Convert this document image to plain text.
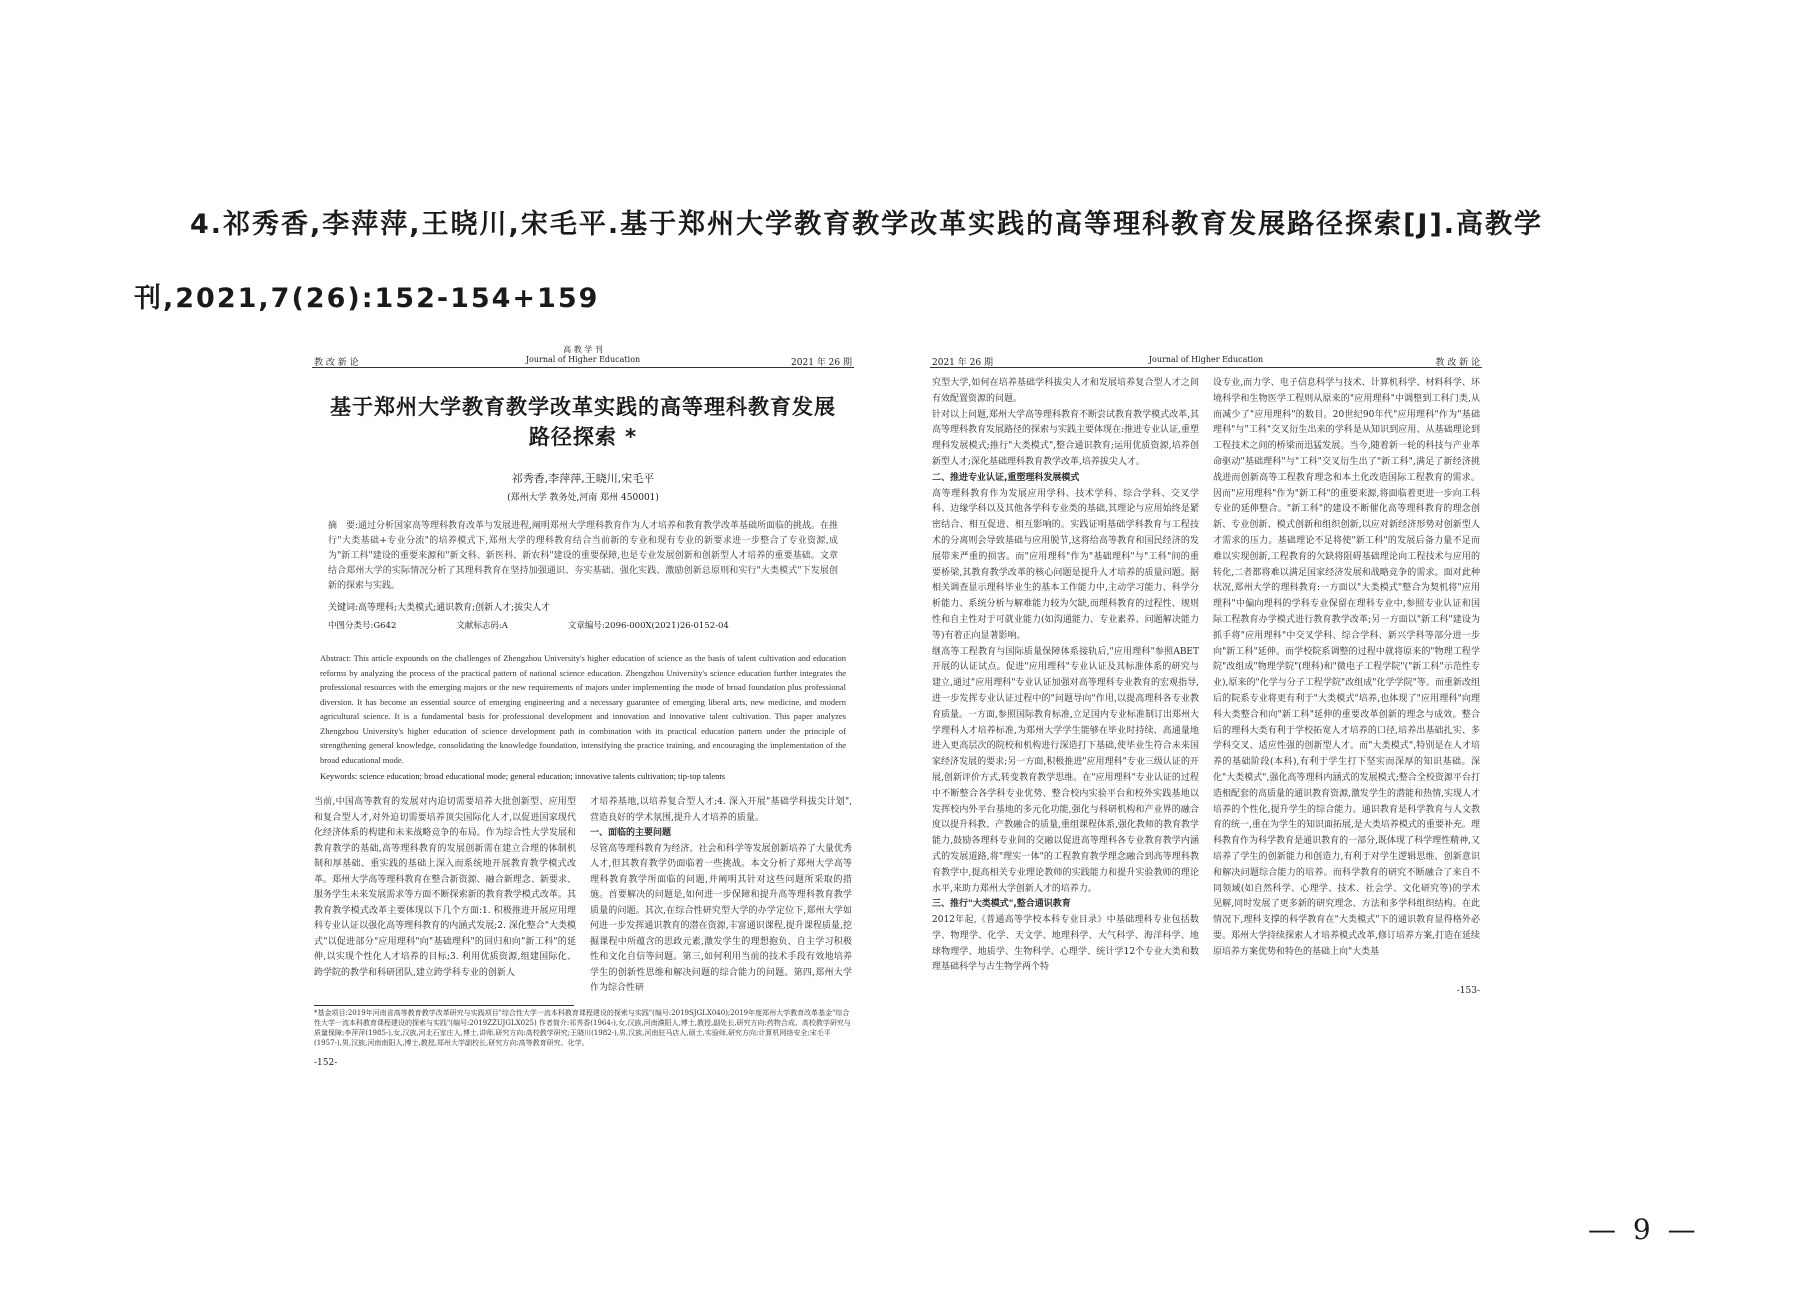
4.祁秀香,李萍萍,王晓川,宋毛平.基于郑州大学教育教学改革实践的高等理科教育发展路径探索[J].高教学
刊,2021,7(26):152-154+159
教 改 新 论
高 教 学 刊
Journal of Higher Education	2021 年 26 期
基于郑州大学教育教学改革实践的高等理科教育发展
路径探索 *
祁秀香,李萍萍,王晓川,宋毛平
(郑州大学 教务处,河南 郑州 450001)
摘　要:通过分析国家高等理科教育改革与发展进程,阐明郑州大学理科教育作为人才培养和教育教学改革基础所面临的挑战。在推行"大类基础+专业分流"的培养模式下,郑州大学的理科教育结合当前新的专业和现有专业的新要求进一步整合了专业资源,成为"新工科"建设的重要来源和"新文科、新医科、新农科"建设的重要保障,也是专业发展创新和创新型人才培养的重要基础。文章结合郑州大学的实际情况分析了其理科教育在坚持加强通识、夯实基础、强化实践、激励创新总原则和实行"大类模式"下发展创新的探索与实践。
关键词:高等理科;大类模式;通识教育;创新人才;拔尖人才
中图分类号:G642	文献标志码:A	文章编号:2096-000X(2021)26-0152-04
Abstract: This article expounds on the challenges of Zhengzhou University's higher education of science as the basis of talent cultivation and education reforms by analyzing the process of the practical pattern of national science education. Zhengzhou University's science education further integrates the professional resources with the emerging majors or the new requirements of majors under implementing the mode of broad foundation plus professional diversion. It has become an essential source of emerging engineering and a necessary guarantee of emerging liberal arts, new medicine, and modern agricultural science. It is a fundamental basis for professional development and innovation and innovative talent cultivation. This paper analyzes Zhengzhou University's higher education of science development path in combination with its practical education pattern under the principle of strengthening general knowledge, consolidating the knowledge foundation, intensifying the practice training, and encouraging the implementation of the broad educational mode.
Keywords: science education; broad educational mode; general education; innovative talents cultivation; tip-top talents
当前,中国高等教育的发展对内迫切需要培养大批创新型、应用型和复合型人才,对外迫切需要培养顶尖国际化人才,以促进国家现代化经济体系的构建和未来战略竞争的布局。作为综合性大学发展和教育教学的基础,高等理科教育的发展创新需在建立合理的体制机制和厚基础、重实践的基础上深入而系统地开展教育教学模式改革。郑州大学高等理科教育在整合新资源、融合新理念、新要求、服务学生未来发展需求等方面不断探索新的教育教学模式改革。其教育教学模式改革主要体现以下几个方面:1. 积极推进开展应用理科专业认证以强化高等理科教育的内涵式发展;2. 深化整合"大类模式"以促进部分"应用理科"向"基础理科"的回归和向"新工科"的延伸,以实现个性化人才培养的目标;3. 利用优质资源,组建国际化、跨学院的教学和科研团队,建立跨学科专业的创新人
才培养基地,以培养复合型人才;4. 深入开展"基础学科拔尖计划",营造良好的学术氛围,提升人才培养的质量。
一、面临的主要问题
尽管高等理科教育为经济、社会和科学等发展创新培养了大量优秀人才,但其教育教学仍面临着一些挑战。本文分析了郑州大学高等理科教育教学所面临的问题,并阐明其针对这些问题所采取的措施。首要解决的问题是,如何进一步保障和提升高等理科教育教学质量的问题。其次,在综合性研究型大学的办学定位下,郑州大学如何进一步发挥通识教育的潜在资源,丰富通识课程,提升课程质量,挖掘课程中所蕴含的思政元素,激发学生的理想抱负、自主学习积极性和文化自信等问题。第三,如何利用当前的技术手段有效地培养学生的创新性思维和解决问题的综合能力的问题。第四,郑州大学作为综合性研
*基金项目:2019年河南省高等教育教学改革研究与实践项目"综合性大学一流本科教育课程建设的探索与实践"(编号:2019SJGLX040);2019年度郑州大学教育改革基金"综合性大学一流本科教育课程建设的探索与实践"(编号:2019ZZUJGLX025) 作者简介:祁秀香(1964-),女,汉族,河南濮阳人,博士,教授,副处长,研究方向:药物合成、高校教学研究与质量保障;李萍萍(1985-),女,汉族,河北石家庄人,博士,讲师,研究方向:高校教学研究;王晓川(1982-),男,汉族,河南驻马店人,硕士,实验师,研究方向:计算机网络安全;宋毛平(1957-),男,汉族,河南南阳人,博士,教授,郑州大学副校长,研究方向:高等教育研究、化学。
-152-
2021 年 26 期	Journal of Higher Education	教 改 新 论
究型大学,如何在培养基础学科拔尖人才和发展培养复合型人才之间有效配置资源的问题。
针对以上问题,郑州大学高等理科教育不断尝试教育教学模式改革,其高等理科教育发展路径的探索与实践主要体现在:推进专业认证,重塑理科发展模式;推行"大类模式",整合通识教育;运用优质资源,培养创新型人才;深化基础理科教育教学改革,培养拔尖人才。
二、推进专业认证,重塑理科发展模式
高等理科教育作为发展应用学科、技术学科、综合学科、交叉学科、边缘学科以及其他各学科专业类的基础,其理论与应用始终是紧密结合、相互促进、相互影响的。实践证明基础学科教育与工程技术的分离则会导致基础与应用脱节,这将给高等教育和国民经济的发展带来严重的损害。而"应用理科"作为"基础理科"与"工科"间的重要桥梁,其教育教学改革的核心问题是提升人才培养的质量问题。据相关调查显示理科毕业生的基本工作能力中,主动学习能力、科学分析能力、系统分析与解难能力较为欠缺,而理科教育的过程性、规则性和自主性对于可就业能力(如沟通能力、专业素养、问题解决能力等)有着正向显著影响。
继高等工程教育与国际质量保障体系接轨后,"应用理科"参照ABET开展的认证试点。促进"应用理科"专业认证及其标准体系的研究与建立,通过"应用理科"专业认证加强对高等理科专业教育的宏观指导,进一步发挥专业认证过程中的"问题导向"作用,以提高理科各专业教育质量。一方面,参照国际教育标准,立足国内专业标准制订出郑州大学理科人才培养标准,为郑州大学学生能够在毕业时持续、高通量地进入更高层次的院校和机构进行深造打下基础,使毕业生符合未来国家经济发展的要求;另一方面,积极推进"应用理科"专业三级认证的开展,创新评价方式,转变教育教学思维。在"应用理科"专业认证的过程中不断整合各学科专业优势、整合校内实验平台和校外实践基地以发挥校内外平台基地的多元化功能,强化与科研机构和产业界的融合度以提升科教、产教融合的质量,重组课程体系,强化教师的教育教学能力,鼓励各理科专业间的交融以促进高等理科各专业教育教学内涵式的发展道路,将"理实一体"的工程教育教学理念融合到高等理科教育教学中,提高相关专业理论教师的实践能力和提升实验教师的理论水平,来助力郑州大学创新人才的培养力。
三、推行"大类模式",整合通识教育
2012年起,《普通高等学校本科专业目录》中基础理科专业包括数学、物理学、化学、天文学、地理科学、大气科学、海洋科学、地球物理学、地质学、生物科学、心理学、统计学12个专业大类和数理基础科学与古生物学两个特
设专业,而力学、电子信息科学与技术、计算机科学、材料科学、环境科学和生物医学工程则从原来的"应用理科"中调整到工科门类,从而减少了"应用理科"的数目。20世纪90年代"应用理科"作为"基础理科"与"工科"交叉衍生出来的学科是从知识到应用、从基础理论到工程技术之间的桥梁而迅猛发展。当今,随着新一轮的科技与产业革命驱动"基础理科"与"工科"交叉衍生出了"新工科",满足了新经济挑战进而创新高等工程教育理念和本土化改造国际工程教育的需求。因而"应用理科"作为"新工科"的重要来源,将面临着更进一步向工科专业的延伸整合。"新工科"的建设不断催化高等理科教育的理念创新、专业创新、模式创新和组织创新,以应对新经济形势对创新型人才需求的压力。基础理论不足将使"新工科"的发展后备力量不足而难以实现创新,工程教育的欠缺将阻碍基础理论向工程技术与应用的转化,二者都将难以满足国家经济发展和战略竞争的需求。面对此种状况,郑州大学的理科教育:一方面以"大类模式"整合为契机将"应用理科"中偏向理科的学科专业保留在理科专业中,参照专业认证和国际工程教育办学模式进行教育教学改革;另一方面以"新工科"建设为抓手将"应用理科"中交叉学科、综合学科、新兴学科等部分进一步向"新工科"延伸。而学校院系调整的过程中就将原来的"物理工程学院"改组成"物理学院"(理科)和"微电子工程学院"("新工科"示范性专业),原来的"化学与分子工程学院"改组成"化学学院"等。而重新改组后的院系专业将更有利于"大类模式"培养,也体现了"应用理科"向理科大类整合和向"新工科"延伸的重要改革创新的理念与成效。整合后的理科大类有利于学校拓宽人才培养的口径,培养出基础扎实、多学科交叉、适应性强的创新型人才。而"大类模式",特别是在人才培养的基础阶段(本科),有利于学生打下坚实而深厚的知识基础。深化"大类模式",强化高等理科内涵式的发展模式;整合全校资源平台打造相配套的高质量的通识教育资源,激发学生的潜能和热情,实现人才培养的个性化,提升学生的综合能力。通识教育是科学教育与人文教育的统一,重在为学生的知识面拓展,是大类培养模式的重要补充。理科教育作为科学教育是通识教育的一部分,既体现了科学理性精神,又培养了学生的创新能力和创造力,有利于对学生逻辑思维、创新意识和解决问题综合能力的培养。而科学教育的研究不断融合了来自不同领域(如自然科学、心理学、技术、社会学、文化研究等)的学术见解,同时发展了更多新的研究理念、方法和多学科组织结构。在此情况下,理科支撑的科学教育在"大类模式"下的通识教育显得格外必要。郑州大学持续探索人才培养模式改革,修订培养方案,打造在延续原培养方案优势和特色的基础上向"大类基
-153-
— 9 —
